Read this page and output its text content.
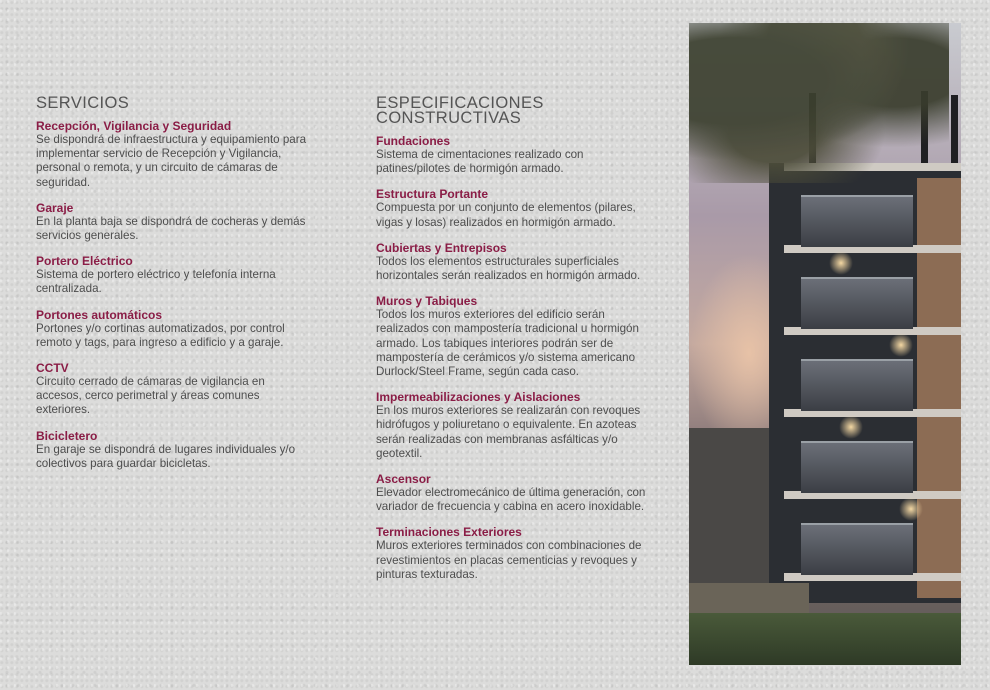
SERVICIOS
Recepción, Vigilancia y Seguridad
Se dispondrá de infraestructura y equipamiento para implementar servicio de Recepción y Vigilancia, personal o remota, y un circuito de cámaras de seguridad.
Garaje
En la planta baja se dispondrá de cocheras y demás servicios generales.
Portero Eléctrico
Sistema de portero eléctrico y telefonía interna centralizada.
Portones automáticos
Portones y/o cortinas automatizados, por control remoto y tags, para ingreso a edificio y a garaje.
CCTV
Circuito cerrado de cámaras de vigilancia en accesos, cerco perimetral y áreas comunes exteriores.
Bicicletero
En garaje se dispondrá de lugares individuales y/o colectivos para guardar bicicletas.
ESPECIFICACIONES CONSTRUCTIVAS
Fundaciones
Sistema de cimentaciones realizado con patines/pilotes de hormigón armado.
Estructura Portante
Compuesta por un conjunto de elementos (pilares, vigas y losas) realizados en hormigón armado.
Cubiertas y Entrepisos
Todos los elementos estructurales superficiales horizontales serán realizados en hormigón armado.
Muros y Tabiques
Todos los muros exteriores del edificio serán realizados con mampostería tradicional u hormigón armado. Los tabiques interiores podrán ser de mampostería de cerámicos y/o sistema americano Durlock/Steel Frame, según cada caso.
Impermeabilizaciones y Aislaciones
En los muros exteriores se realizarán con revoques hidrófugos y poliuretano o equivalente. En azoteas serán realizadas con membranas asfálticas y/o geotextil.
Ascensor
Elevador electromecánico de última generación, con variador de frecuencia y cabina en acero inoxidable.
Terminaciones Exteriores
Muros exteriores terminados con combinaciones de revestimientos en placas cementicias y revoques y pinturas texturadas.
